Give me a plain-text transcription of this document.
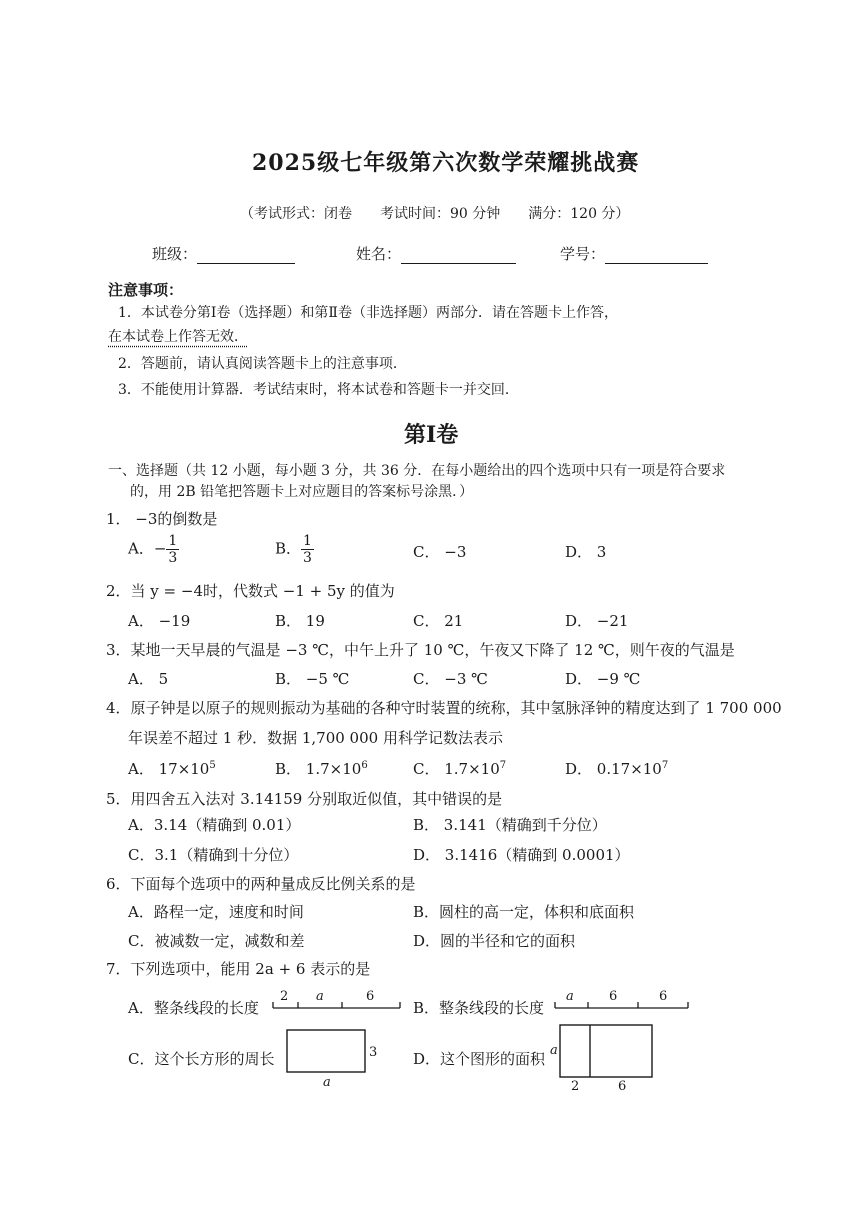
2025级七年级第六次数学荣耀挑战赛
（考试形式：闭卷　　考试时间：90 分钟　　满分：120 分）
班级：	姓名：	学号：
注意事项：
1．本试卷分第Ⅰ卷（选择题）和第Ⅱ卷（非选择题）两部分．请在答题卡上作答，
在本试卷上作答无效．
2．答题前，请认真阅读答题卡上的注意事项．
3．不能使用计算器．考试结束时，将本试卷和答题卡一并交回．
第Ⅰ卷
一、选择题（共 12 小题，每小题 3 分，共 36 分．在每小题给出的四个选项中只有一项是符合要求
的，用 2B 铅笔把答题卡上对应题目的答案标号涂黑．）
1． −3的倒数是
A．− $\frac{1}{3}$	B． $\frac{1}{3}$	C． −3	D． 3
2．当 y = −4时，代数式 −1 + 5y 的值为
A． −19	B． 19	C． 21	D． −21
3．某地一天早晨的气温是 −3 ℃，中午上升了 10 ℃，午夜又下降了 12 ℃，则午夜的气温是
A． 5	B． −5 ℃	C． −3 ℃	D． −9 ℃
4．原子钟是以原子的规则振动为基础的各种守时装置的统称，其中氢脉泽钟的精度达到了 1 700 000
年误差不超过 1 秒．数据 1,700 000 用科学记数法表示
A． $17\times 10^5$	B． $1.7\times 10^6$	C． $1.7\times 10^7$	D． $0.17\times 10^7$
5．用四舍五入法对 3.14159 分别取近似值，其中错误的是
A．3.14（精确到 0.01）	B． 3.141（精确到千分位）
C．3.1（精确到十分位）	D． 3.1416（精确到 0.0001）
6．下面每个选项中的两种量成反比例关系的是
A．路程一定，速度和时间	B．圆柱的高一定，体积和底面积
C．被减数一定，减数和差	D．圆的半径和它的面积
7．下列选项中，能用 2a + 6 表示的是
A．整条线段的长度	B．整条线段的长度
C．这个长方形的周长	D．这个图形的面积
2 a	6	a	6	6
3
a
a
2	6
